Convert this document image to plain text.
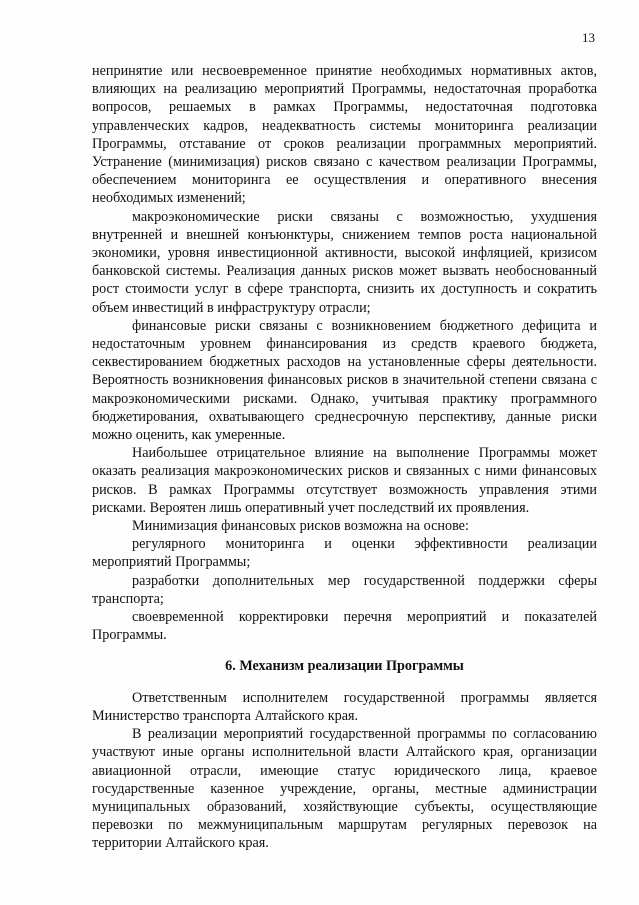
13

непринятие или несвоевременное принятие необходимых нормативных актов, влияющих на реализацию мероприятий Программы, недостаточная проработка вопросов, решаемых в рамках Программы, недостаточная подготовка управленческих кадров, неадекватность системы мониторинга реализации Программы, отставание от сроков реализации программных мероприятий. Устранение (минимизация) рисков связано с качеством реализации Программы, обеспечением мониторинга ее осуществления и оперативного внесения необходимых изменений;

макроэкономические риски связаны с возможностью, ухудшения внутренней и внешней конъюнктуры, снижением темпов роста национальной экономики, уровня инвестиционной активности, высокой инфляцией, кризисом банковской системы. Реализация данных рисков может вызвать необоснованный рост стоимости услуг в сфере транспорта, снизить их доступность и сократить объем инвестиций в инфраструктуру отрасли;

финансовые риски связаны с возникновением бюджетного дефицита и недостаточным уровнем финансирования из средств краевого бюджета, секвестированием бюджетных расходов на установленные сферы деятельности. Вероятность возникновения финансовых рисков в значительной степени связана с макроэкономическими рисками. Однако, учитывая практику программного бюджетирования, охватывающего среднесрочную перспективу, данные риски можно оценить, как умеренные.

Наибольшее отрицательное влияние на выполнение Программы может оказать реализация макроэкономических рисков и связанных с ними финансовых рисков. В рамках Программы отсутствует возможность управления этими рисками. Вероятен лишь оперативный учет последствий их проявления.

Минимизация финансовых рисков возможна на основе:

регулярного мониторинга и оценки эффективности реализации мероприятий Программы;

разработки дополнительных мер государственной поддержки сферы транспорта;

своевременной корректировки перечня мероприятий и показателей Программы.

6. Механизм реализации Программы

Ответственным исполнителем государственной программы является Министерство транспорта Алтайского края.

В реализации мероприятий государственной программы по согласованию участвуют иные органы исполнительной власти Алтайского края, организации авиационной отрасли, имеющие статус юридического лица, краевое государственные казенное учреждение, органы, местные администрации муниципальных образований, хозяйствующие субъекты, осуществляющие перевозки по межмуниципальным маршрутам регулярных перевозок на территории Алтайского края.
